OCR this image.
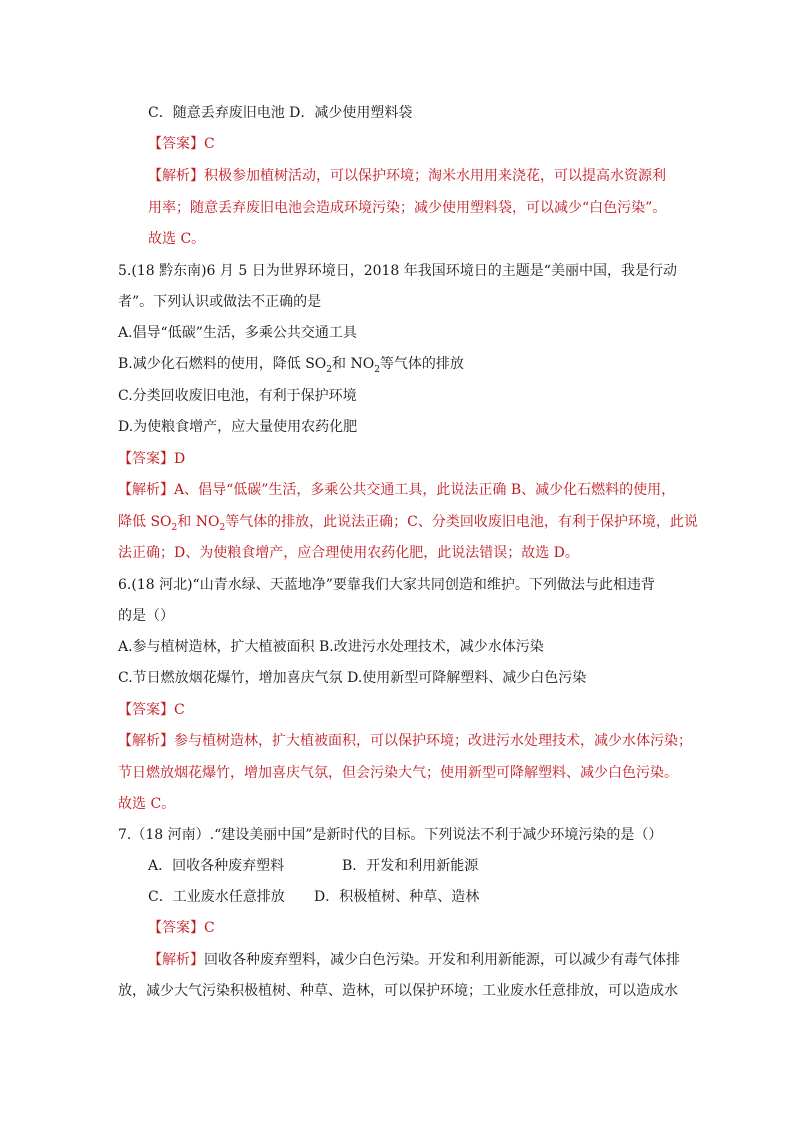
C．随意丢弃废旧电池 D．减少使用塑料袋
【答案】C
【解析】积极参加植树活动，可以保护环境；淘米水用用来浇花，可以提高水资源利
用率；随意丢弃废旧电池会造成环境污染；减少使用塑料袋，可以减少“白色污染”。
故选 C。
5.(18 黔东南)6 月 5 日为世界环境日，2018 年我国环境日的主题是“美丽中国，我是行动
者”。下列认识或做法不正确的是
A.倡导“低碳”生活，多乘公共交通工具
B.减少化石燃料的使用，降低 $SO_2$和 $NO_2$等气体的排放
C.分类回收废旧电池，有利于保护环境
D.为使粮食增产，应大量使用农药化肥
【答案】D
【解析】A、倡导“低碳”生活，多乘公共交通工具，此说法正确 B、减少化石燃料的使用，
降低 $SO_2$和 $NO_2$等气体的排放，此说法正确；C、分类回收废旧电池，有利于保护环境，此说
法正确；D、为使粮食增产，应合理使用农药化肥，此说法错误；故选 D。
6.(18 河北)“山青水绿、天蓝地净”要靠我们大家共同创造和维护。下列做法与此相违背
的是（）
A.参与植树造林，扩大植被面积 B.改进污水处理技术，减少水体污染
C.节日燃放烟花爆竹，增加喜庆气氛 D.使用新型可降解塑料、减少白色污染
【答案】C
【解析】参与植树造林，扩大植被面积，可以保护环境；改进污水处理技术，减少水体污染；
节日燃放烟花爆竹，增加喜庆气氛，但会污染大气；使用新型可降解塑料、减少白色污染。
故选 C。
7.（18 河南）.“建设美丽中国”是新时代的目标。下列说法不利于减少环境污染的是（）
A．回收各种废弃塑料	B．开发和利用新能源
C．工业废水任意排放 D．积极植树、种草、造林
【答案】C
【解析】回收各种废弃塑料，减少白色污染。开发和利用新能源，可以减少有毒气体排
放，减少大气污染积极植树、种草、造林，可以保护环境；工业废水任意排放，可以造成水
